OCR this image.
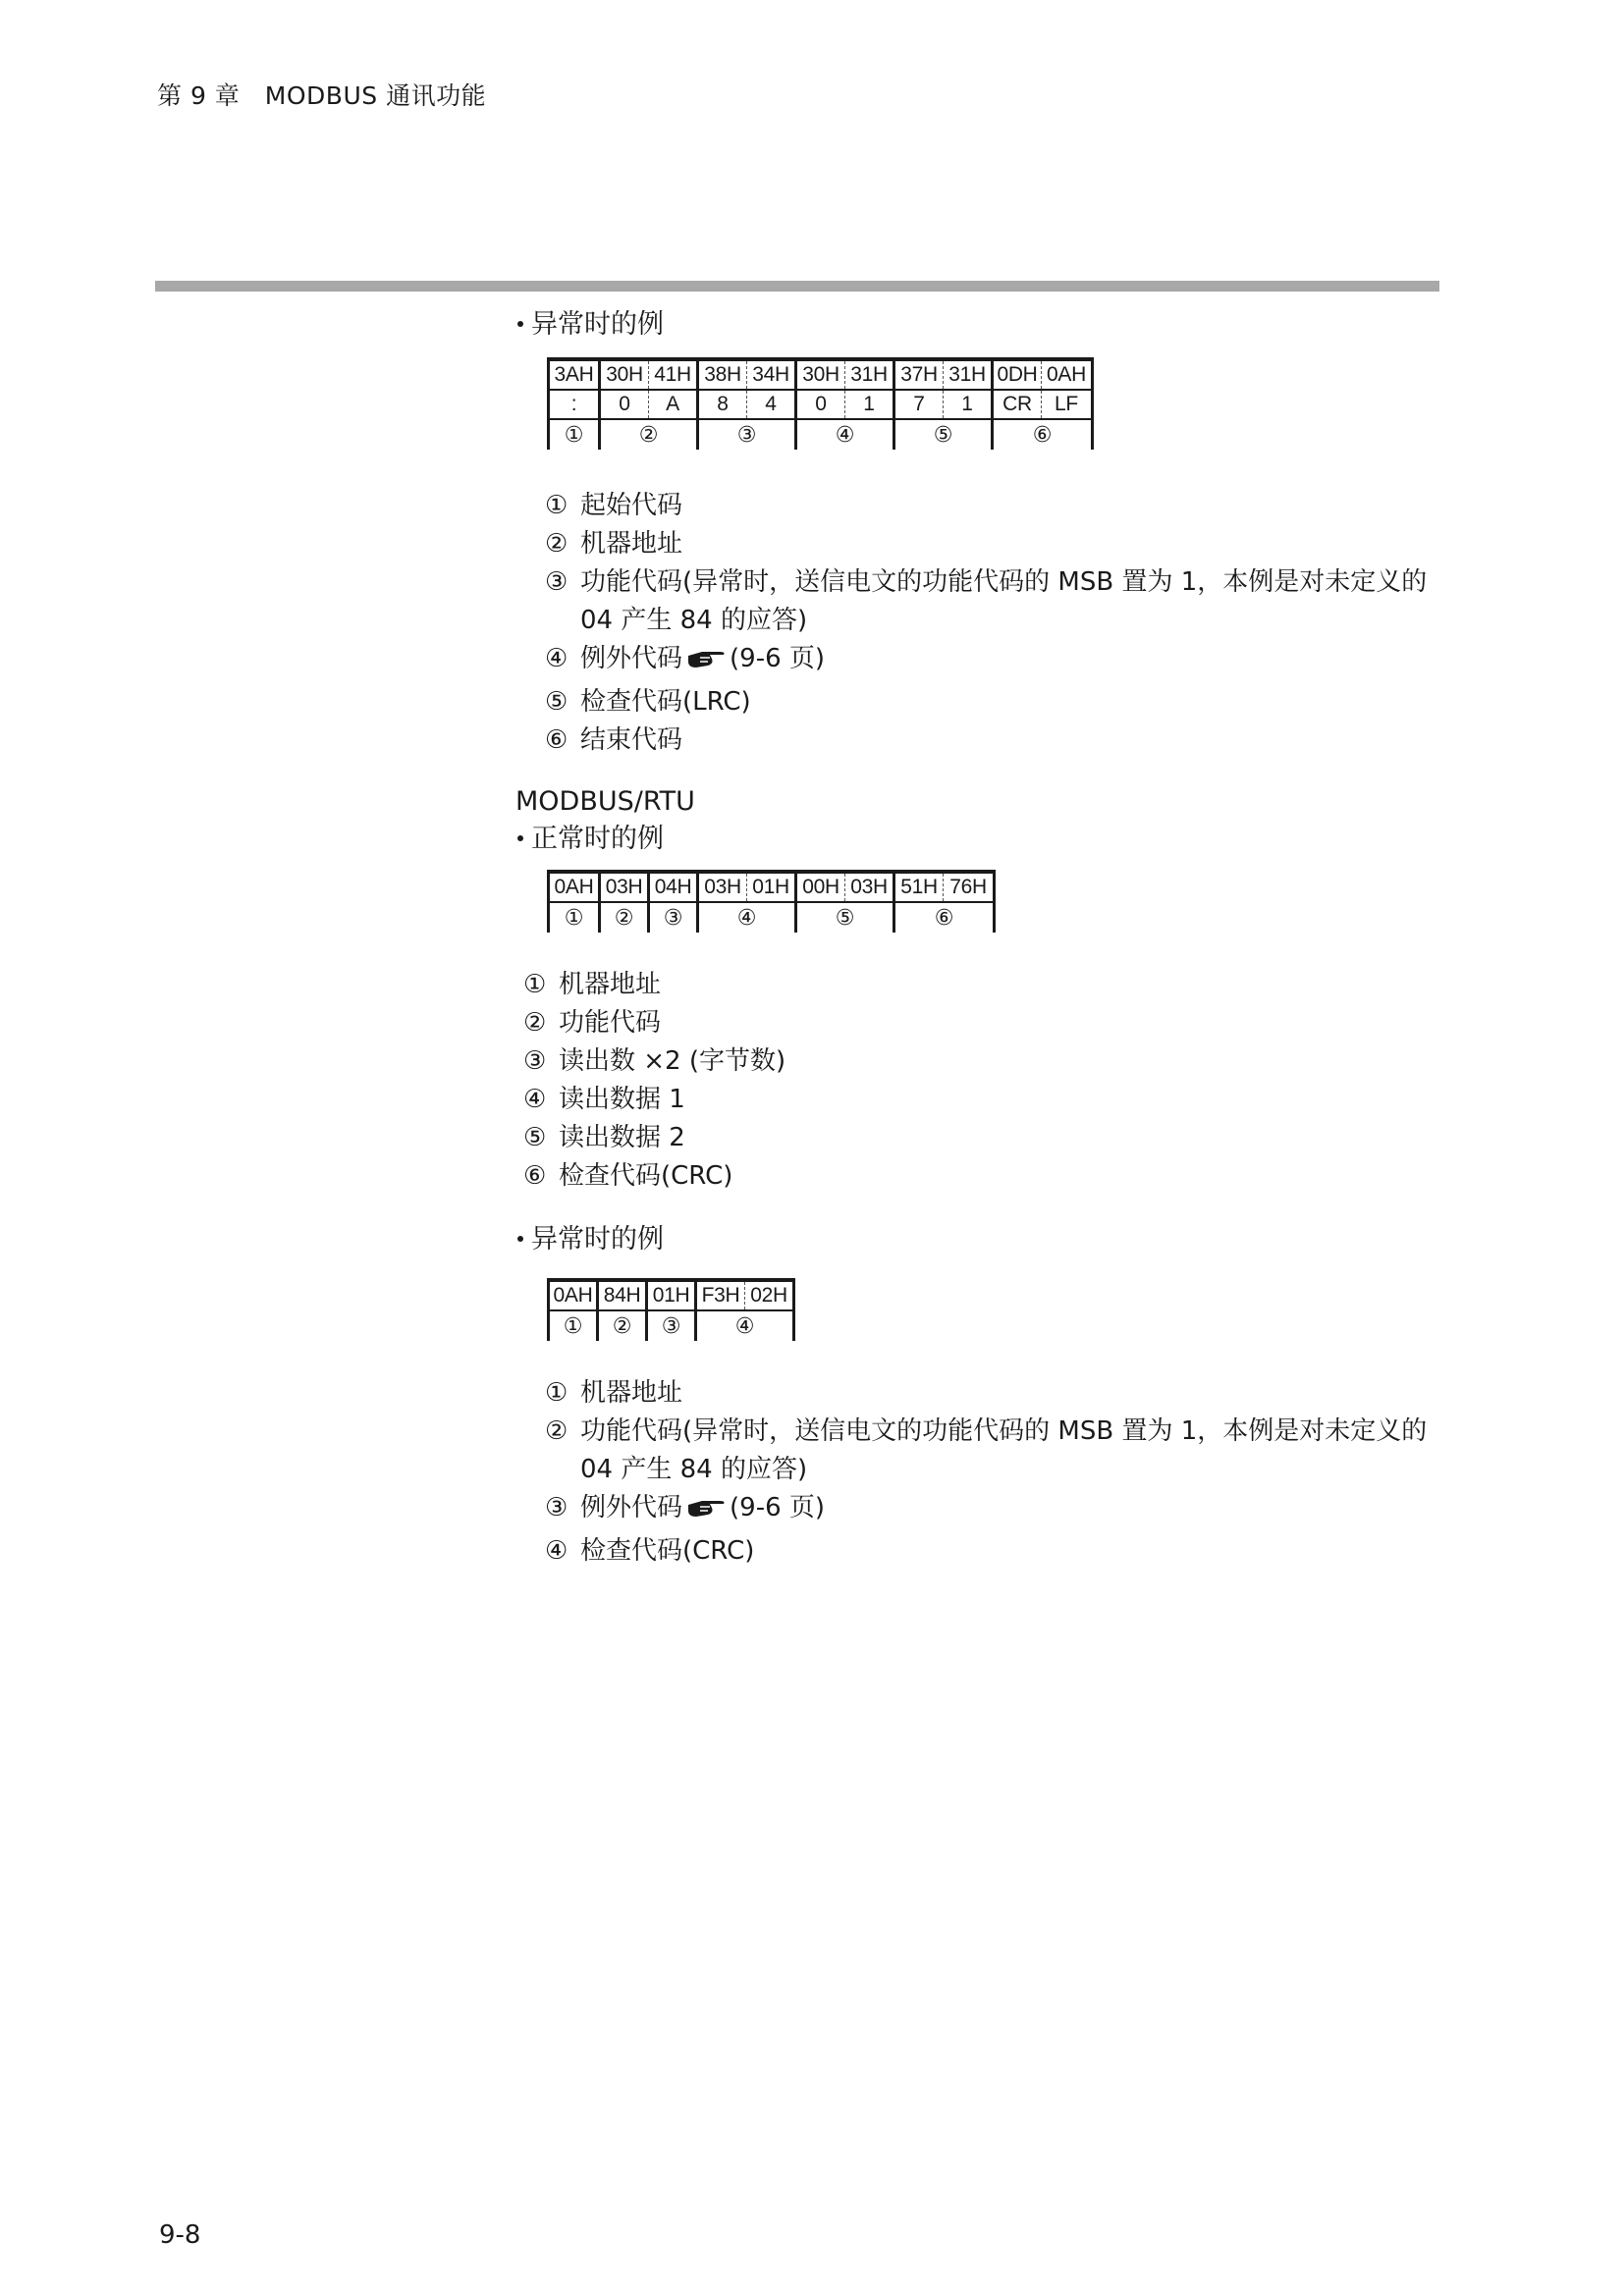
第 9 章　MODBUS 通讯功能

异常时的例

3AH	30H	41H	38H	34H	30H	31H	37H	31H	0DH	0AH
:	0	A	8	4	0	1	7	1	CR	LF
①	②		③		④		⑤		⑥	
① 起始代码
② 机器地址
③ 功能代码(异常时，送信电文的功能代码的 MSB 置为 1，本例是对未定义的 04 产生 84 的应答)
④ 例外代码 (9-6 页)
⑤ 检查代码(LRC)
⑥ 结束代码

MODBUS/RTU

正常时的例

0AH	03H	04H	03H	01H	00H	03H	51H	76H
①	②	③	④		⑤		⑥	
① 机器地址
② 功能代码
③ 读出数 ×2 (字节数)
④ 读出数据 1
⑤ 读出数据 2
⑥ 检查代码(CRC)

异常时的例

0AH	84H	01H	F3H	02H
①	②	③	④	
① 机器地址
② 功能代码(异常时，送信电文的功能代码的 MSB 置为 1，本例是对未定义的 04 产生 84 的应答)
③ 例外代码 (9-6 页)
④ 检查代码(CRC)
9-8
